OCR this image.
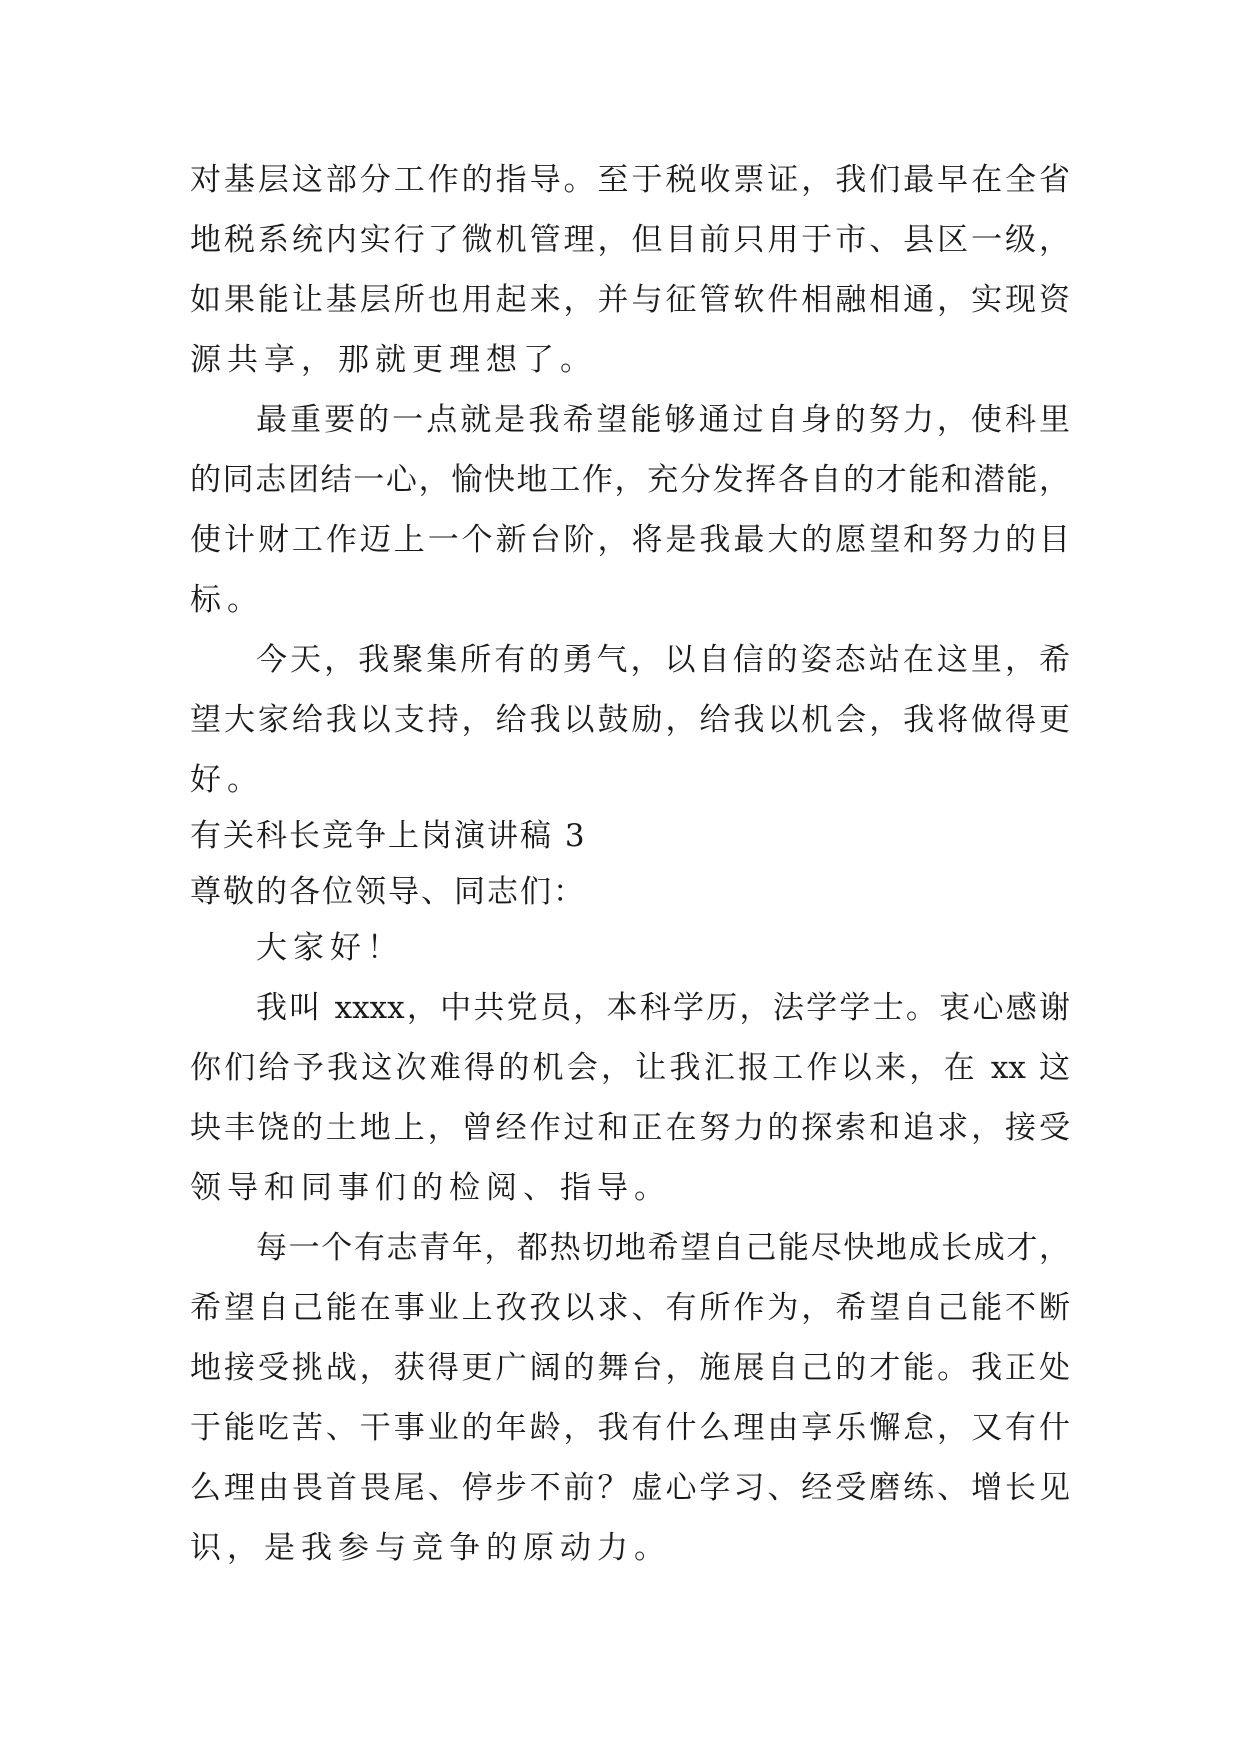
对基层这部分工作的指导。至于税收票证，我们最早在全省
地税系统内实行了微机管理，但目前只用于市、县区一级，
如果能让基层所也用起来，并与征管软件相融相通，实现资
源共享，那就更理想了。
最重要的一点就是我希望能够通过自身的努力，使科里
的同志团结一心，愉快地工作，充分发挥各自的才能和潜能，
使计财工作迈上一个新台阶，将是我最大的愿望和努力的目
标。
今天，我聚集所有的勇气，以自信的姿态站在这里，希
望大家给我以支持，给我以鼓励，给我以机会，我将做得更
好。
有关科长竞争上岗演讲稿 3
尊敬的各位领导、同志们：
大家好！
我叫 xxxx，中共党员，本科学历，法学学士。衷心感谢
你们给予我这次难得的机会，让我汇报工作以来，在 xx 这
块丰饶的土地上，曾经作过和正在努力的探索和追求，接受
领导和同事们的检阅、指导。
每一个有志青年，都热切地希望自己能尽快地成长成才，
希望自己能在事业上孜孜以求、有所作为，希望自己能不断
地接受挑战，获得更广阔的舞台，施展自己的才能。我正处
于能吃苦、干事业的年龄，我有什么理由享乐懈怠，又有什
么理由畏首畏尾、停步不前？虚心学习、经受磨练、增长见
识，是我参与竞争的原动力。
